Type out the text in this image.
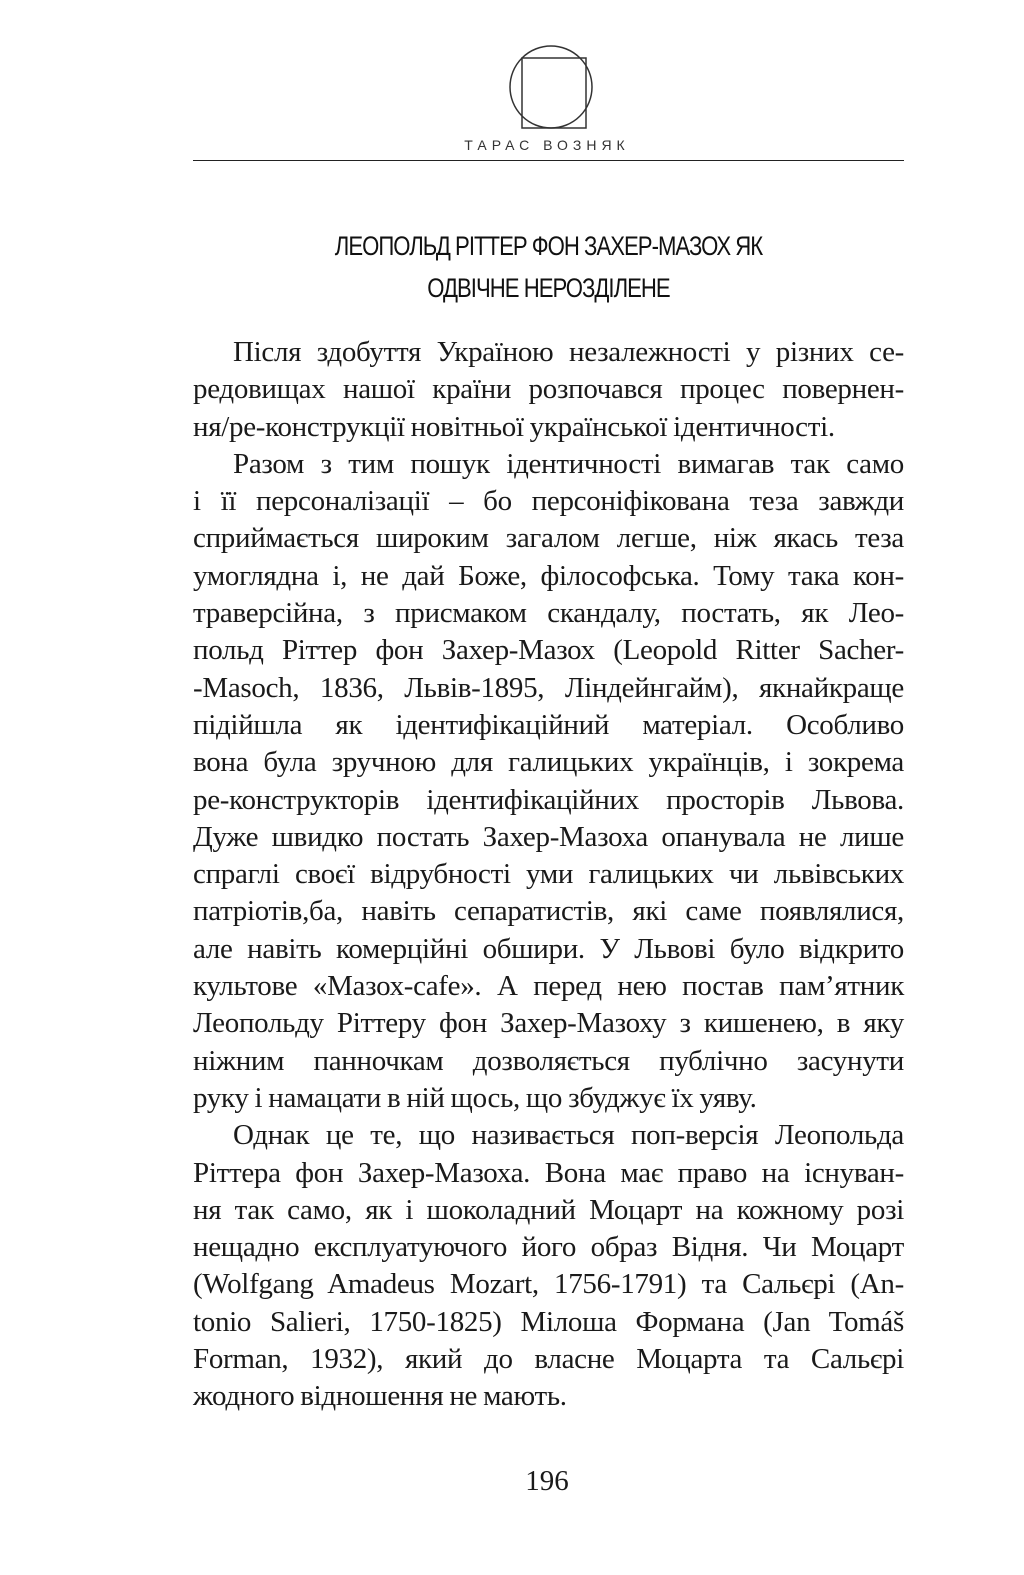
ТАРАС ВОЗНЯК
ЛЕОПОЛЬД РІТТЕР ФОН ЗАХЕР-МАЗОХ ЯК
ОДВІЧНЕ НЕРОЗДІЛЕНЕ

Після здобуття Україною незалежності у різних се-
редовищах нашої країни розпочався процес повернен-
ня/ре-конструкції новітньої української ідентичності.

Разом з тим пошук ідентичності вимагав так само
і її персоналізації – бо персоніфікована теза завжди
сприймається широким загалом легше, ніж якась теза
умоглядна і, не дай Боже, філософська. Тому така кон-
траверсійна, з присмаком скандалу, постать, як Лео-
польд Ріттер фон Захер-Мазох (Leopold Ritter Sacher-
-Masoch, 1836, Львів-1895, Ліндейнгайм), якнайкраще
підійшла як ідентифікаційний матеріал. Особливо
вона була зручною для галицьких українців, і зокрема
ре-конструкторів ідентифікаційних просторів Львова.
Дуже швидко постать Захер-Мазоха опанувала не лише
спраглі своєї відрубності уми галицьких чи львівських
патріотів,ба, навіть сепаратистів, які саме появлялися,
але навіть комерційні обшири. У Львові було відкрито
культове «Мазох-cafe». А перед нею постав пам’ятник
Леопольду Ріттеру фон Захер-Мазоху з кишенею, в яку
ніжним панночкам дозволяється публічно засунути
руку і намацати в ній щось, що збуджує їх уяву.

Однак це те, що називається поп-версія Леопольда
Ріттера фон Захер-Мазоха. Вона має право на існуван-
ня так само, як і шоколадний Моцарт на кожному розі
нещадно експлуатуючого його образ Відня. Чи Моцарт
(Wolfgang Amadeus Mozart, 1756-1791) та Сальєрі (An-
tonio Salieri, 1750-1825) Мілоша Формана (Jan Tomáš
Forman, 1932), який до власне Моцарта та Сальєрі
жодного відношення не мають.

196
